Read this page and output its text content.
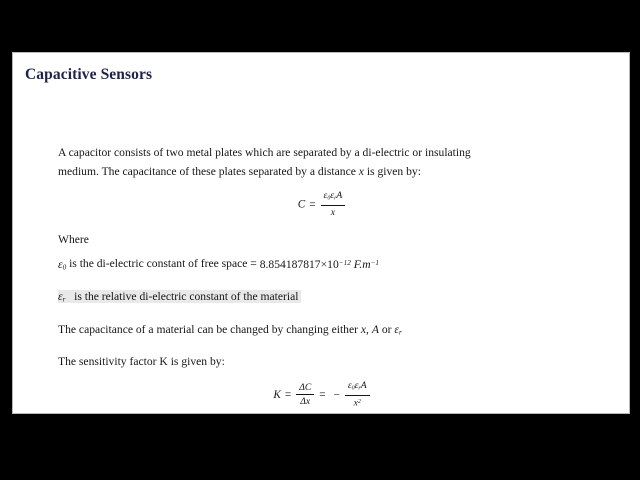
Capacitive Sensors

A capacitor consists of two metal plates which are separated by a di-electric or insulating
medium. The capacitance of these plates separated by a distance x is given by:

$C = \frac{\varepsilon_0\varepsilon_rA}{x}$

Where

$\varepsilon_0$ is the di-electric constant of free space = $8.854187817\times 10^{-12}$ $F.m^{-1}$

$\varepsilon_r$ is the relative di-electric constant of the material

The capacitance of a material can be changed by changing either x, A or $\varepsilon_r$

The sensitivity factor K is given by:

$K = \frac{\Delta C}{\Delta x}$ = − $\frac{\varepsilon_0\varepsilon_rA}{x^2}$
